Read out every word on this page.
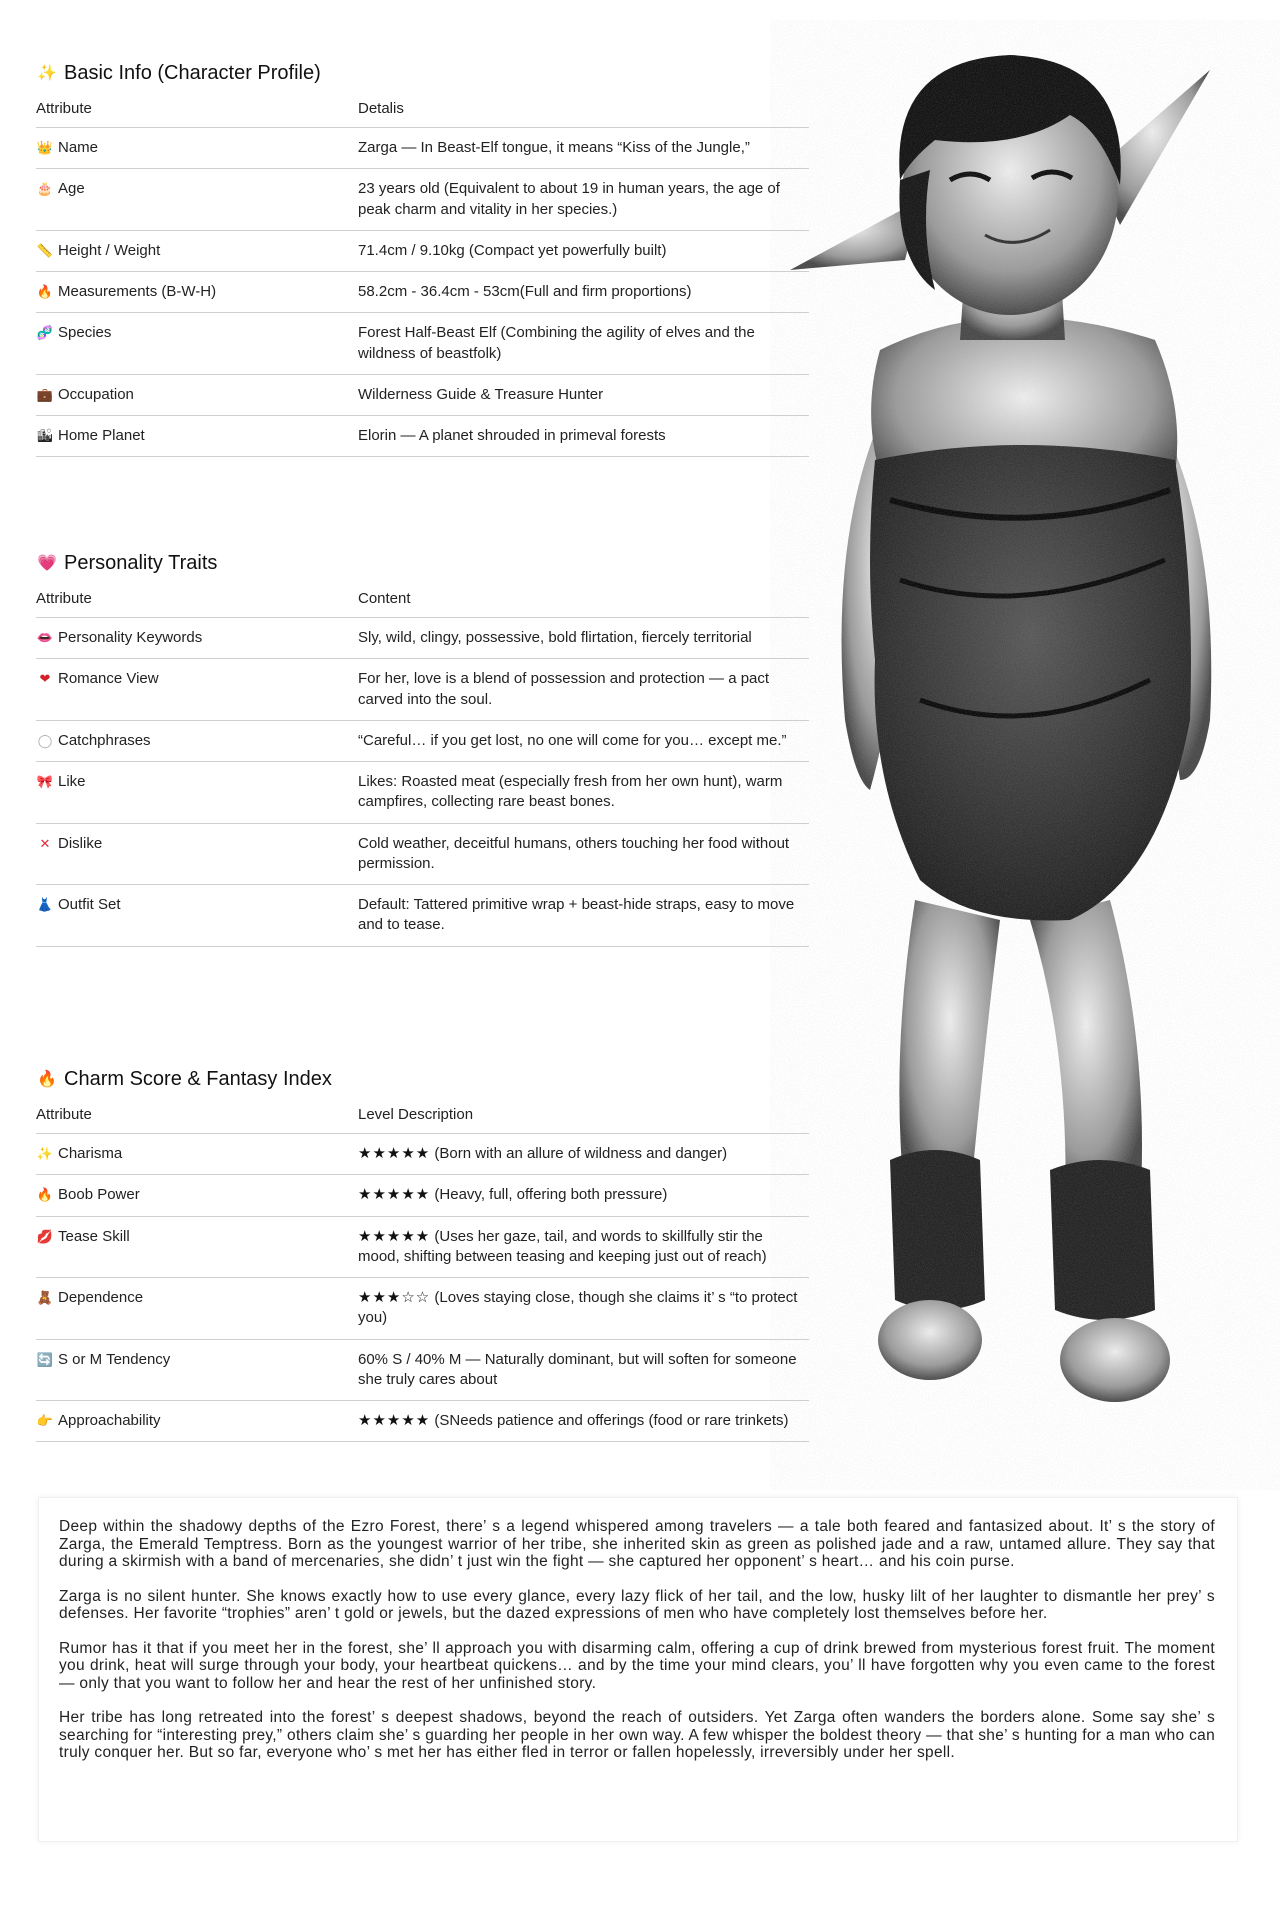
✨ Basic Info (Character Profile)
Attribute	Detalis

👑 Name	Zarga — In Beast-Elf tongue, it means “Kiss of the Jungle,”

🎂 Age	23 years old (Equivalent to about 19 in human years, the age of peak charm and vitality in her species.)

📏 Height / Weight	71.4cm / 9.10kg (Compact yet powerfully built)

🔥 Measurements (B-W-H)	58.2cm - 36.4cm - 53cm(Full and firm proportions)

🧬 Species	Forest Half-Beast Elf (Combining the agility of elves and the wildness of beastfolk)

💼 Occupation	Wilderness Guide & Treasure Hunter

🏙 Home Planet	Elorin — A planet shrouded in primeval forests
💗 Personality Traits
Attribute	Content

👄 Personality Keywords	Sly, wild, clingy, possessive, bold flirtation, fiercely territorial

❤ Romance View	For her, love is a blend of possession and protection — a pact carved into the soul.

◯ Catchphrases	“Careful… if you get lost, no one will come for you… except me.”

🎀 Like	Likes: Roasted meat (especially fresh from her own hunt), warm campfires, collecting rare beast bones.

✕ Dislike	Cold weather, deceitful humans, others touching her food without permission.

👗 Outfit Set	Default: Tattered primitive wrap + beast-hide straps, easy to move and to tease.
🔥 Charm Score & Fantasy Index
Attribute	Level Description

✨ Charisma	★★★★★ (Born with an allure of wildness and danger)

🔥 Boob Power	★★★★★ (Heavy, full, offering both pressure)

💋 Tease Skill	★★★★★ (Uses her gaze, tail, and words to skillfully stir the mood, shifting between teasing and keeping just out of reach)

🧸 Dependence	★★★☆☆ (Loves staying close, though she claims it’ s “to protect you)

🔄 S or M Tendency	60% S / 40% M — Naturally dominant, but will soften for someone she truly cares about

👉 Approachability	★★★★★ (SNeeds patience and offerings (food or rare trinkets)

Deep within the shadowy depths of the Ezro Forest, there’ s a legend whispered among travelers — a tale both feared and fantasized about. It’ s the story of Zarga, the Emerald Temptress. Born as the youngest warrior of her tribe, she inherited skin as green as polished jade and a raw, untamed allure. They say that during a skirmish with a band of mercenaries, she didn’ t just win the fight — she captured her opponent’ s heart… and his coin purse.

Zarga is no silent hunter. She knows exactly how to use every glance, every lazy flick of her tail, and the low, husky lilt of her laughter to dismantle her prey’ s defenses. Her favorite “trophies” aren’ t gold or jewels, but the dazed expressions of men who have completely lost themselves before her.

Rumor has it that if you meet her in the forest, she’ ll approach you with disarming calm, offering a cup of drink brewed from mysterious forest fruit. The moment you drink, heat will surge through your body, your heartbeat quickens… and by the time your mind clears, you’ ll have forgotten why you even came to the forest — only that you want to follow her and hear the rest of her unfinished story.

Her tribe has long retreated into the forest’ s deepest shadows, beyond the reach of outsiders. Yet Zarga often wanders the borders alone. Some say she’ s searching for “interesting prey,” others claim she’ s guarding her people in her own way. A few whisper the boldest theory — that she’ s hunting for a man who can truly conquer her. But so far, everyone who’ s met her has either fled in terror or fallen hopelessly, irreversibly under her spell.
